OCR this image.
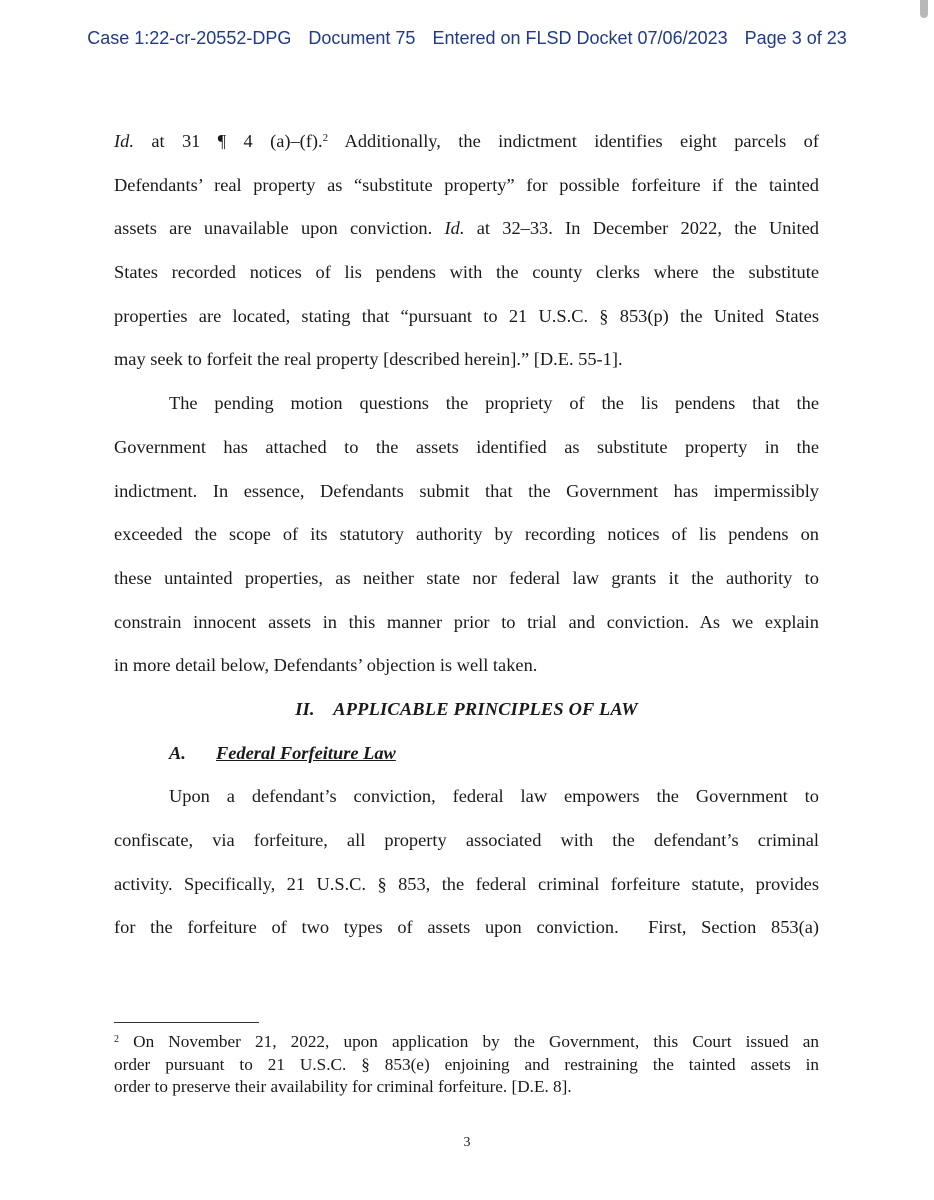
Case 1:22-cr-20552-DPG Document 75 Entered on FLSD Docket 07/06/2023 Page 3 of 23
Id. at 31 ¶ 4 (a)–(f).$^2$ Additionally, the indictment identifies eight parcels of
Defendants’ real property as “substitute property” for possible forfeiture if the tainted
assets are unavailable upon conviction. Id. at 32–33. In December 2022, the United
States recorded notices of lis pendens with the county clerks where the substitute
properties are located, stating that “pursuant to 21 U.S.C. § 853(p) the United States
may seek to forfeit the real property [described herein].” [D.E. 55-1].
The pending motion questions the propriety of the lis pendens that the
Government has attached to the assets identified as substitute property in the
indictment. In essence, Defendants submit that the Government has impermissibly
exceeded the scope of its statutory authority by recording notices of lis pendens on
these untainted properties, as neither state nor federal law grants it the authority to
constrain innocent assets in this manner prior to trial and conviction. As we explain
in more detail below, Defendants’ objection is well taken.
II.    APPLICABLE PRINCIPLES OF LAW
A. Federal Forfeiture Law
Upon a defendant’s conviction, federal law empowers the Government to
confiscate, via forfeiture, all property associated with the defendant’s criminal
activity. Specifically, 21 U.S.C. § 853, the federal criminal forfeiture statute, provides
for the forfeiture of two types of assets upon conviction.  First, Section 853(a)
$^2$ On November 21, 2022, upon application by the Government, this Court issued an
order pursuant to 21 U.S.C. § 853(e) enjoining and restraining the tainted assets in
order to preserve their availability for criminal forfeiture. [D.E. 8].
3
